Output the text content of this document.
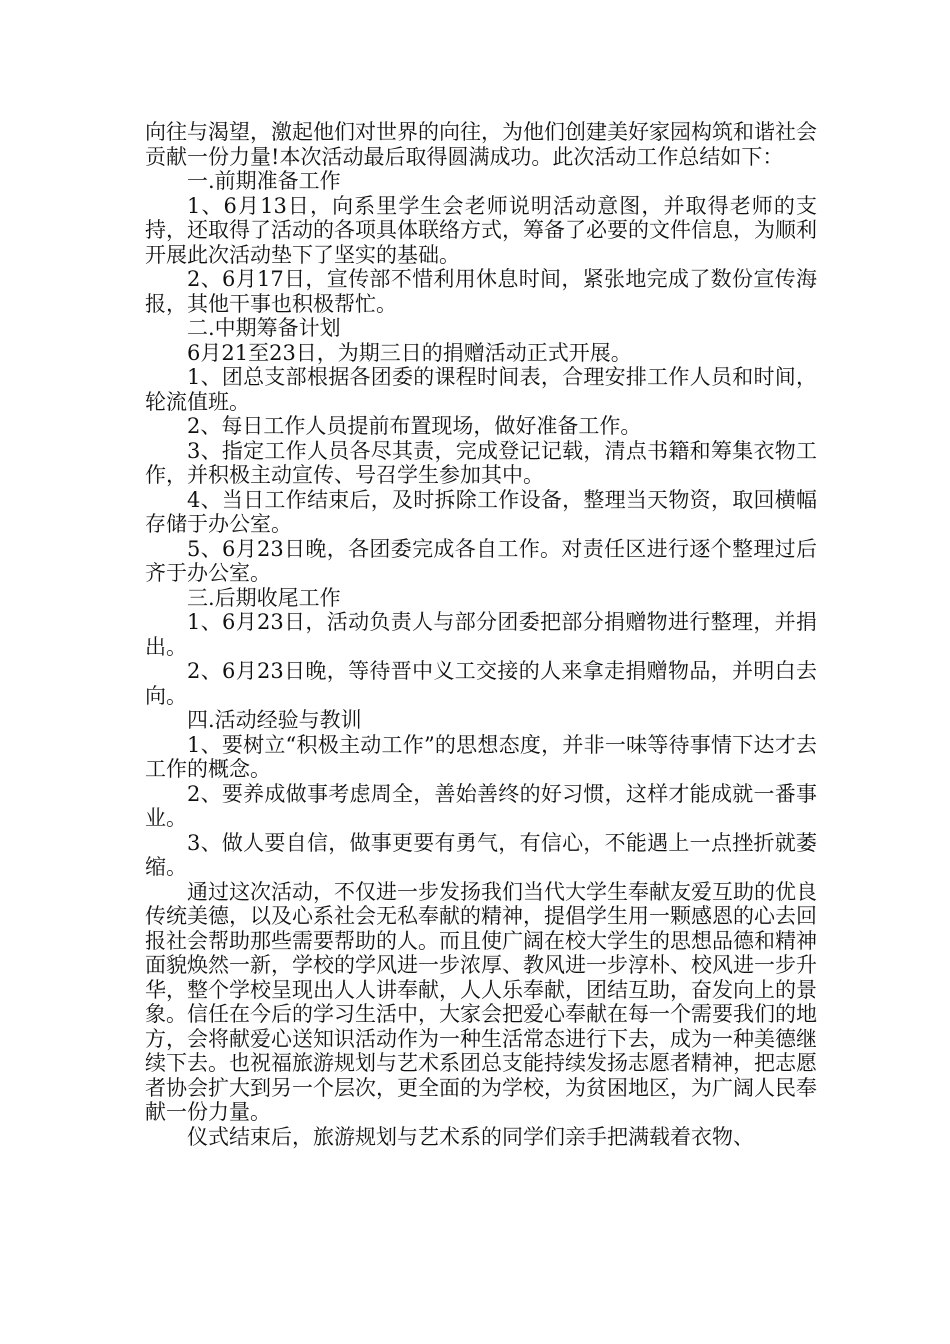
向往与渴望，激起他们对世界的向往，为他们创建美好家园构筑和谐社会贡献一份力量!本次活动最后取得圆满成功。此次活动工作总结如下：

一.前期准备工作

1、6月13日，向系里学生会老师说明活动意图，并取得老师的支持，还取得了活动的各项具体联络方式，筹备了必要的文件信息，为顺利开展此次活动垫下了坚实的基础。

2、6月17日，宣传部不惜利用休息时间，紧张地完成了数份宣传海报，其他干事也积极帮忙。

二.中期筹备计划

6月21至23日，为期三日的捐赠活动正式开展。

1、团总支部根据各团委的课程时间表，合理安排工作人员和时间，轮流值班。

2、每日工作人员提前布置现场，做好准备工作。

3、指定工作人员各尽其责，完成登记记载，清点书籍和筹集衣物工作，并积极主动宣传、号召学生参加其中。

4、当日工作结束后，及时拆除工作设备，整理当天物资，取回横幅存储于办公室。

5、6月23日晚，各团委完成各自工作。对责任区进行逐个整理过后齐于办公室。

三.后期收尾工作

1、6月23日，活动负责人与部分团委把部分捐赠物进行整理，并捐出。

2、6月23日晚，等待晋中义工交接的人来拿走捐赠物品，并明白去向。

四.活动经验与教训

1、要树立“积极主动工作”的思想态度，并非一味等待事情下达才去工作的概念。

2、要养成做事考虑周全，善始善终的好习惯，这样才能成就一番事业。

3、做人要自信，做事更要有勇气，有信心，不能遇上一点挫折就萎缩。

通过这次活动，不仅进一步发扬我们当代大学生奉献友爱互助的优良传统美德，以及心系社会无私奉献的精神，提倡学生用一颗感恩的心去回报社会帮助那些需要帮助的人。而且使广阔在校大学生的思想品德和精神面貌焕然一新，学校的学风进一步浓厚、教风进一步淳朴、校风进一步升华，整个学校呈现出人人讲奉献，人人乐奉献，团结互助，奋发向上的景象。信任在今后的学习生活中，大家会把爱心奉献在每一个需要我们的地方，会将献爱心送知识活动作为一种生活常态进行下去，成为一种美德继续下去。也祝福旅游规划与艺术系团总支能持续发扬志愿者精神，把志愿者协会扩大到另一个层次，更全面的为学校，为贫困地区，为广阔人民奉献一份力量。

仪式结束后，旅游规划与艺术系的同学们亲手把满载着衣物、
